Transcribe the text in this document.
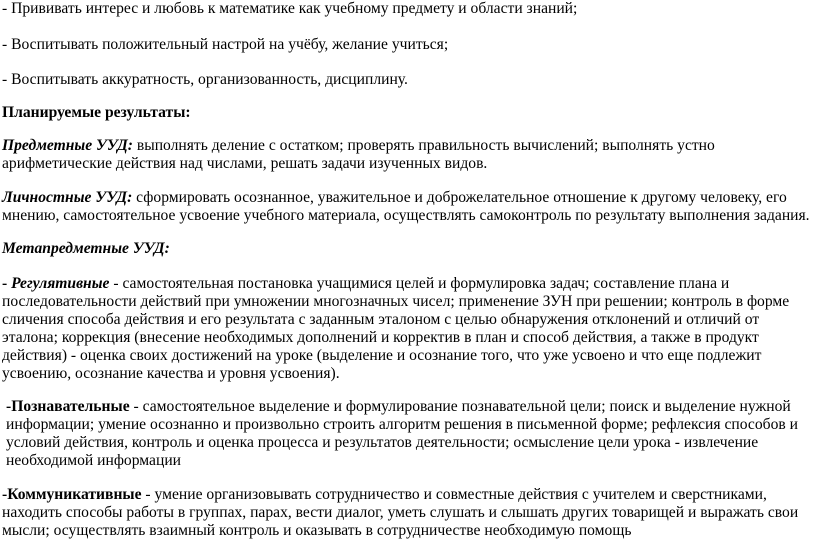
- Прививать интерес и любовь к математике как учебному предмету и области знаний;

- Воспитывать положительный настрой на учёбу, желание учиться;

- Воспитывать аккуратность, организованность, дисциплину.

Планируемые результаты:

Предметные УУД: выполнять деление с остатком; проверять правильность вычислений; выполнять устно арифметические действия над числами, решать задачи изученных видов.

Личностные УУД: сформировать осознанное, уважительное и доброжелательное отношение к другому человеку, его мнению, самостоятельное усвоение учебного материала, осуществлять самоконтроль по результату выполнения задания.

Метапредметные УУД:

- Регулятивные - самостоятельная постановка учащимися целей и формулировка задач; составление плана и последовательности действий при умножении многозначных чисел; применение ЗУН при решении; контроль в форме сличения способа действия и его результата с заданным эталоном с целью обнаружения отклонений и отличий от эталона; коррекция (внесение необходимых дополнений и корректив в план и способ действия, а также в продукт действия) - оценка своих достижений на уроке (выделение и осознание того, что уже усвоено и что еще подлежит усвоению, осознание качества и уровня усвоения).

-Познавательные - самостоятельное выделение и формулирование познавательной цели; поиск и выделение нужной информации; умение осознанно и произвольно строить алгоритм решения в письменной форме; рефлексия способов и условий действия, контроль и оценка процесса и результатов деятельности; осмысление цели урока - извлечение необходимой информации

-Коммуникативные - умение организовывать сотрудничество и совместные действия с учителем и сверстниками, находить способы работы в группах, парах, вести диалог, уметь слушать и слышать других товарищей и выражать свои мысли; осуществлять взаимный контроль и оказывать в сотрудничестве необходимую помощь
